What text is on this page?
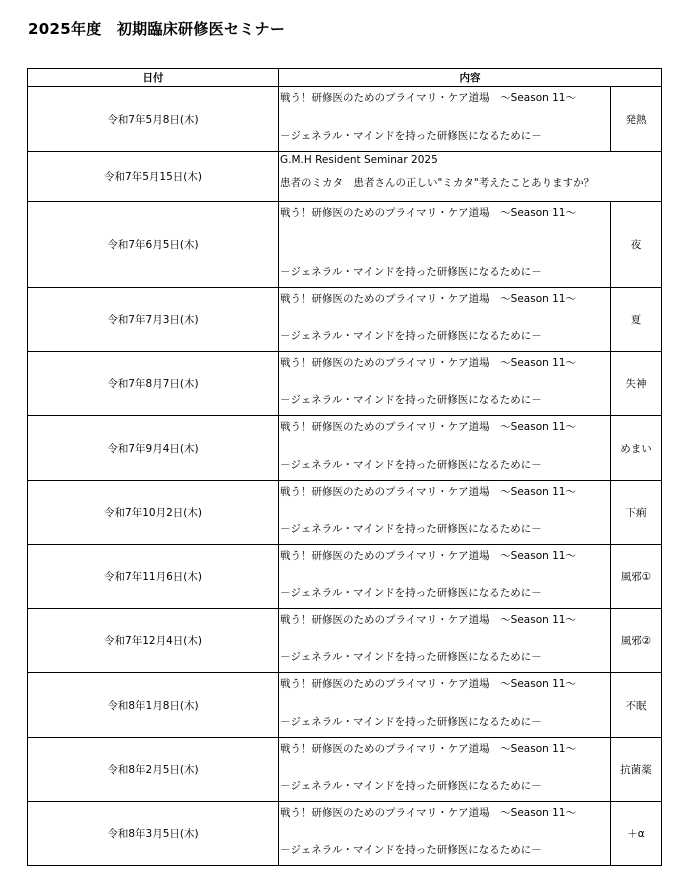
2025年度　初期臨床研修医セミナー
日付	内容	
令和7年5月8日(木)	戦う！研修医のためのプライマリ・ケア道場　～Season 11～
－ジェネラル・マインドを持った研修医になるために－	発熱
令和7年5月15日(木)	G.M.H Resident Seminar 2025
患者のミカタ　患者さんの正しい"ミカタ"考えたことありますか？	

令和7年6月5日(木)	戦う！研修医のためのプライマリ・ケア道場　～Season 11～
－ジェネラル・マインドを持った研修医になるために－	夜
令和7年7月3日(木)	戦う！研修医のためのプライマリ・ケア道場　～Season 11～
－ジェネラル・マインドを持った研修医になるために－	夏
令和7年8月7日(木)	戦う！研修医のためのプライマリ・ケア道場　～Season 11～
－ジェネラル・マインドを持った研修医になるために－	失神
令和7年9月4日(木)	戦う！研修医のためのプライマリ・ケア道場　～Season 11～
－ジェネラル・マインドを持った研修医になるために－	めまい
令和7年10月2日(木)	戦う！研修医のためのプライマリ・ケア道場　～Season 11～
－ジェネラル・マインドを持った研修医になるために－	下痢
令和7年11月6日(木)	戦う！研修医のためのプライマリ・ケア道場　～Season 11～
－ジェネラル・マインドを持った研修医になるために－	風邪①
令和7年12月4日(木)	戦う！研修医のためのプライマリ・ケア道場　～Season 11～
－ジェネラル・マインドを持った研修医になるために－	風邪②
令和8年1月8日(木)	戦う！研修医のためのプライマリ・ケア道場　～Season 11～
－ジェネラル・マインドを持った研修医になるために－	不眠
令和8年2月5日(木)	戦う！研修医のためのプライマリ・ケア道場　～Season 11～
－ジェネラル・マインドを持った研修医になるために－	抗菌薬
令和8年3月5日(木)	戦う！研修医のためのプライマリ・ケア道場　～Season 11～
－ジェネラル・マインドを持った研修医になるために－	＋α
